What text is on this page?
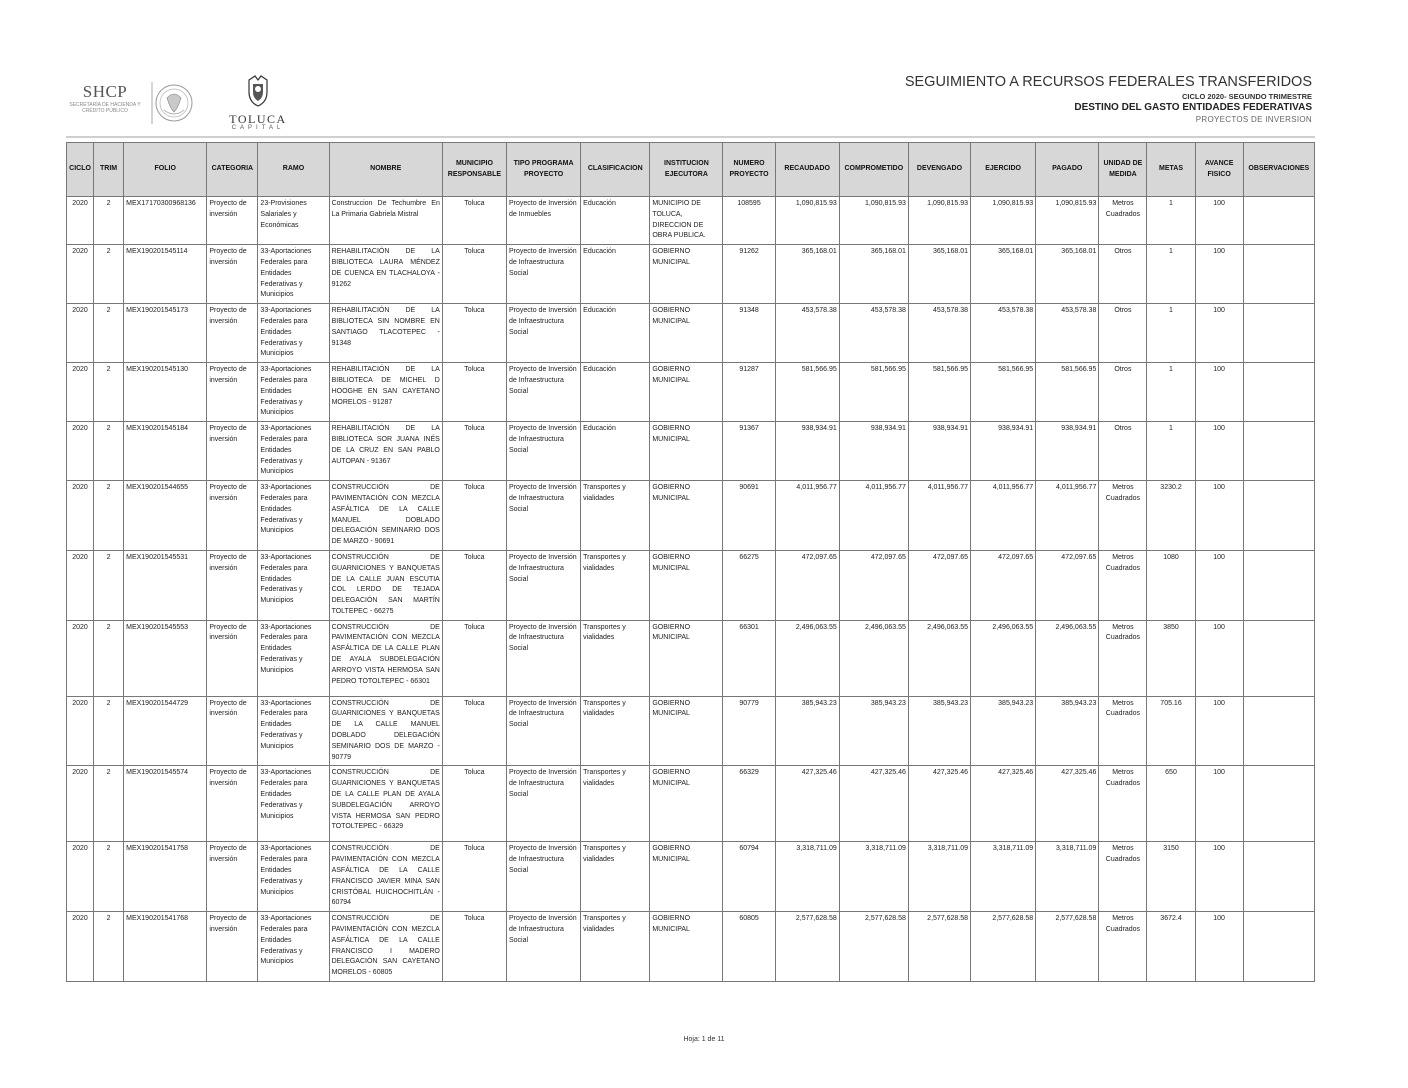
SHCP
SECRETARÍA DE HACIENDA Y CRÉDITO PÚBLICO
TOLUCA
CAPITAL
SEGUIMIENTO A RECURSOS FEDERALES TRANSFERIDOS
CICLO 2020- SEGUNDO TRIMESTRE
DESTINO DEL GASTO ENTIDADES FEDERATIVAS
PROYECTOS DE INVERSION
CICLO	TRIM	FOLIO	CATEGORIA	RAMO	NOMBRE	MUNICIPIO RESPONSABLE	TIPO PROGRAMA PROYECTO	CLASIFICACION	INSTITUCION EJECUTORA	NUMERO PROYECTO	RECAUDADO	COMPROMETIDO	DEVENGADO	EJERCIDO	PAGADO	UNIDAD DE MEDIDA	METAS	AVANCE FISICO	OBSERVACIONES
2020	2	MEX17170300968136	Proyecto de inversión	23-Provisiones Salariales y Económicas	Construccion De Techumbre En La Primaria Gabriela Mistral	Toluca	Proyecto de Inversión de Inmuebles	Educación	MUNICIPIO DE TOLUCA, DIRECCION DE OBRA PUBLICA.	108595	1,090,815.93	1,090,815.93	1,090,815.93	1,090,815.93	1,090,815.93	Metros Cuadrados	1	100	
2020	2	MEX190201545114	Proyecto de inversión	33-Aportaciones Federales para Entidades Federativas y Municipios	REHABILITACIÓN DE LA BIBLIOTECA LAURA MÉNDEZ DE CUENCA EN TLACHALOYA - 91262	Toluca	Proyecto de Inversión de Infraestructura Social	Educación	GOBIERNO MUNICIPAL	91262	365,168.01	365,168.01	365,168.01	365,168.01	365,168.01	Otros	1	100	
2020	2	MEX190201545173	Proyecto de inversión	33-Aportaciones Federales para Entidades Federativas y Municipios	REHABILITACIÓN DE LA BIBLIOTECA SIN NOMBRE EN SANTIAGO TLACOTEPEC - 91348	Toluca	Proyecto de Inversión de Infraestructura Social	Educación	GOBIERNO MUNICIPAL	91348	453,578.38	453,578.38	453,578.38	453,578.38	453,578.38	Otros	1	100	
2020	2	MEX190201545130	Proyecto de inversión	33-Aportaciones Federales para Entidades Federativas y Municipios	REHABILITACIÓN DE LA BIBLIOTECA DE MICHEL D HOOGHE EN SAN CAYETANO MORELOS - 91287	Toluca	Proyecto de Inversión de Infraestructura Social	Educación	GOBIERNO MUNICIPAL	91287	581,566.95	581,566.95	581,566.95	581,566.95	581,566.95	Otros	1	100	
2020	2	MEX190201545184	Proyecto de inversión	33-Aportaciones Federales para Entidades Federativas y Municipios	REHABILITACIÓN DE LA BIBLIOTECA SOR JUANA INÉS DE LA CRUZ EN SAN PABLO AUTOPAN - 91367	Toluca	Proyecto de Inversión de Infraestructura Social	Educación	GOBIERNO MUNICIPAL	91367	938,934.91	938,934.91	938,934.91	938,934.91	938,934.91	Otros	1	100	
2020	2	MEX190201544655	Proyecto de inversión	33-Aportaciones Federales para Entidades Federativas y Municipios	CONSTRUCCIÓN DE PAVIMENTACIÓN CON MEZCLA ASFÁLTICA DE LA CALLE MANUEL DOBLADO DELEGACIÓN SEMINARIO DOS DE MARZO - 90691	Toluca	Proyecto de Inversión de Infraestructura Social	Transportes y vialidades	GOBIERNO MUNICIPAL	90691	4,011,956.77	4,011,956.77	4,011,956.77	4,011,956.77	4,011,956.77	Metros Cuadrados	3230.2	100	
2020	2	MEX190201545531	Proyecto de inversión	33-Aportaciones Federales para Entidades Federativas y Municipios	CONSTRUCCIÓN DE GUARNICIONES Y BANQUETAS DE LA CALLE JUAN ESCUTIA COL LERDO DE TEJADA DELEGACIÓN SAN MARTÍN TOLTEPEC - 66275	Toluca	Proyecto de Inversión de Infraestructura Social	Transportes y vialidades	GOBIERNO MUNICIPAL	66275	472,097.65	472,097.65	472,097.65	472,097.65	472,097.65	Metros Cuadrados	1080	100	
2020	2	MEX190201545553	Proyecto de inversión	33-Aportaciones Federales para Entidades Federativas y Municipios	CONSTRUCCIÓN DE PAVIMENTACIÓN CON MEZCLA ASFÁLTICA DE LA CALLE PLAN DE AYALA SUBDELEGACIÓN ARROYO VISTA HERMOSA SAN PEDRO TOTOLTEPEC - 66301	Toluca	Proyecto de Inversión de Infraestructura Social	Transportes y vialidades	GOBIERNO MUNICIPAL	66301	2,496,063.55	2,496,063.55	2,496,063.55	2,496,063.55	2,496,063.55	Metros Cuadrados	3850	100	
2020	2	MEX190201544729	Proyecto de inversión	33-Aportaciones Federales para Entidades Federativas y Municipios	CONSTRUCCIÓN DE GUARNICIONES Y BANQUETAS DE LA CALLE MANUEL DOBLADO DELEGACIÓN SEMINARIO DOS DE MARZO - 90779	Toluca	Proyecto de Inversión de Infraestructura Social	Transportes y vialidades	GOBIERNO MUNICIPAL	90779	385,943.23	385,943.23	385,943.23	385,943.23	385,943.23	Metros Cuadrados	705.16	100	
2020	2	MEX190201545574	Proyecto de inversión	33-Aportaciones Federales para Entidades Federativas y Municipios	CONSTRUCCIÓN DE GUARNICIONES Y BANQUETAS DE LA CALLE PLAN DE AYALA SUBDELEGACIÓN ARROYO VISTA HERMOSA SAN PEDRO TOTOLTEPEC - 66329	Toluca	Proyecto de Inversión de Infraestructura Social	Transportes y vialidades	GOBIERNO MUNICIPAL	66329	427,325.46	427,325.46	427,325.46	427,325.46	427,325.46	Metros Cuadrados	650	100	
2020	2	MEX190201541758	Proyecto de inversión	33-Aportaciones Federales para Entidades Federativas y Municipios	CONSTRUCCIÓN DE PAVIMENTACIÓN CON MEZCLA ASFÁLTICA DE LA CALLE FRANCISCO JAVIER MINA SAN CRISTÓBAL HUICHOCHITLÁN - 60794	Toluca	Proyecto de Inversión de Infraestructura Social	Transportes y vialidades	GOBIERNO MUNICIPAL	60794	3,318,711.09	3,318,711.09	3,318,711.09	3,318,711.09	3,318,711.09	Metros Cuadrados	3150	100	
2020	2	MEX190201541768	Proyecto de inversión	33-Aportaciones Federales para Entidades Federativas y Municipios	CONSTRUCCIÓN DE PAVIMENTACIÓN CON MEZCLA ASFÁLTICA DE LA CALLE FRANCISCO I MADERO DELEGACIÓN SAN CAYETANO MORELOS - 60805	Toluca	Proyecto de Inversión de Infraestructura Social	Transportes y vialidades	GOBIERNO MUNICIPAL	60805	2,577,628.58	2,577,628.58	2,577,628.58	2,577,628.58	2,577,628.58	Metros Cuadrados	3672.4	100	
Hoja: 1 de 11
